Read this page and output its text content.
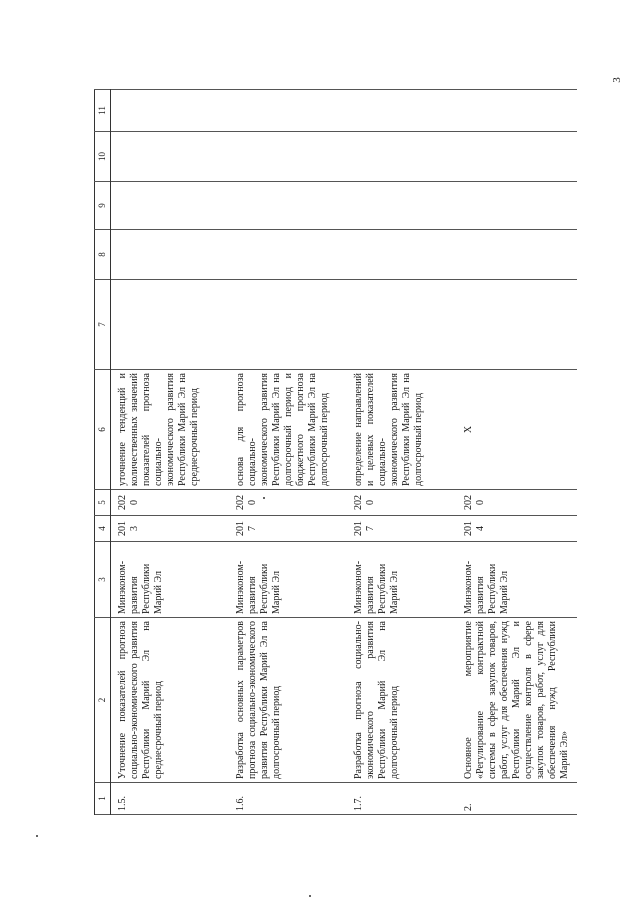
3
1	2	3	4	5	6	7	8	9	10	11
1.5.	Уточнение показателей прогноза социально-экономического развития Республики Марий Эл на среднесрочный период	Минэконом-развития Республики Марий Эл	2013	2020	уточнение тенденций и количественных значений показателей прогноза социально-экономического развития Республики Марий Эл на среднесрочный период					
1.6.	Разработка основных параметров прогноза социально-экономического развития Республики Марий Эл на долгосрочный период	Минэконом-развития Республики Марий Эл	2017	2020	основа для прогноза социально-экономического развития Республики Марий Эл на долгосрочный период и бюджетного прогноза Республики Марий Эл на долгосрочный период					
1.7.	Разработка прогноза социально-экономического развития Республики Марий Эл на долгосрочный период	Минэконом-развития Республики Марий Эл	2017	2020	определение направлений и целевых показателей социально-экономического развития Республики Марий Эл на долгосрочный период					
2.	Основное мероприятие «Регулирование контрактной системы в сфере закупок товаров, работ, услуг для обеспечения нужд Республики Марий Эл и осуществление контроля в сфере закупок товаров, работ, услуг для обеспечения нужд Республики Марий Эл»	Минэконом-развития Республики Марий Эл	2014	2020	X					
